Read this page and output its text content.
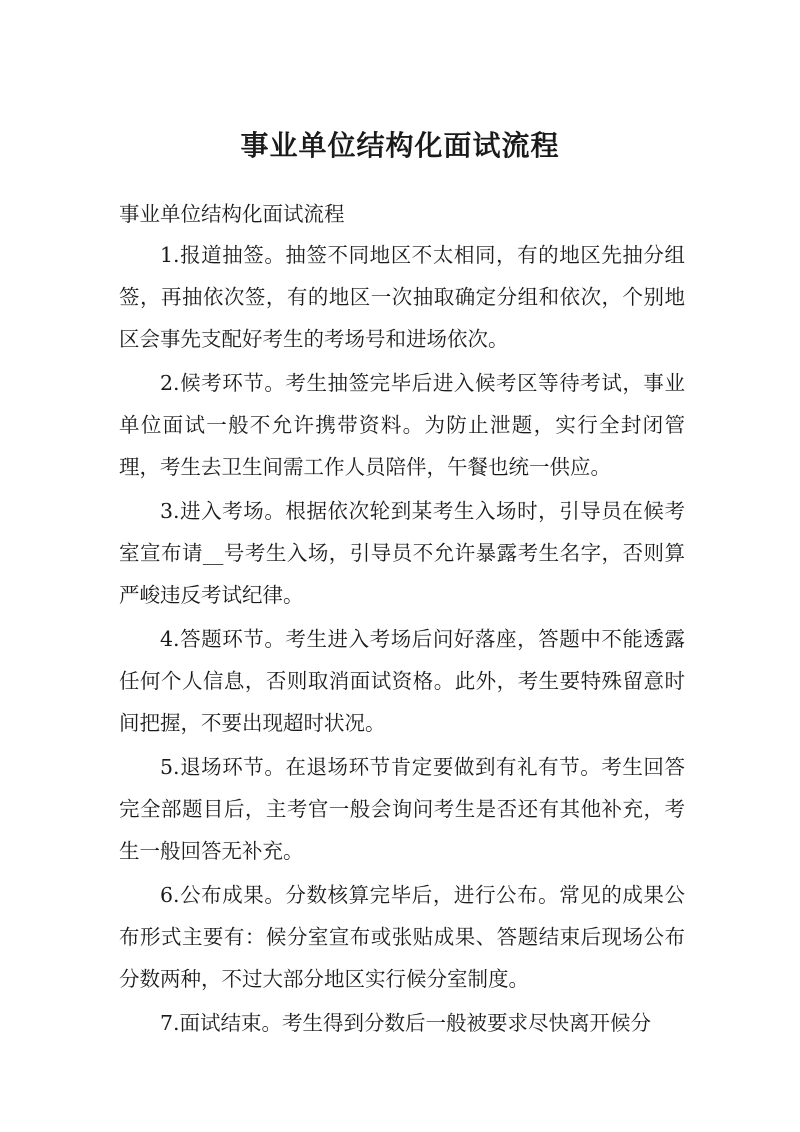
事业单位结构化面试流程

事业单位结构化面试流程

1.报道抽签。抽签不同地区不太相同，有的地区先抽分组签，再抽依次签，有的地区一次抽取确定分组和依次，个别地区会事先支配好考生的考场号和进场依次。

2.候考环节。考生抽签完毕后进入候考区等待考试，事业单位面试一般不允许携带资料。为防止泄题，实行全封闭管理，考生去卫生间需工作人员陪伴，午餐也统一供应。

3.进入考场。根据依次轮到某考生入场时，引导员在候考室宣布请__号考生入场，引导员不允许暴露考生名字，否则算严峻违反考试纪律。

4.答题环节。考生进入考场后问好落座，答题中不能透露任何个人信息，否则取消面试资格。此外，考生要特殊留意时间把握，不要出现超时状况。

5.退场环节。在退场环节肯定要做到有礼有节。考生回答完全部题目后，主考官一般会询问考生是否还有其他补充，考生一般回答无补充。

6.公布成果。分数核算完毕后，进行公布。常见的成果公布形式主要有：候分室宣布或张贴成果、答题结束后现场公布分数两种，不过大部分地区实行候分室制度。

7.面试结束。考生得到分数后一般被要求尽快离开候分
